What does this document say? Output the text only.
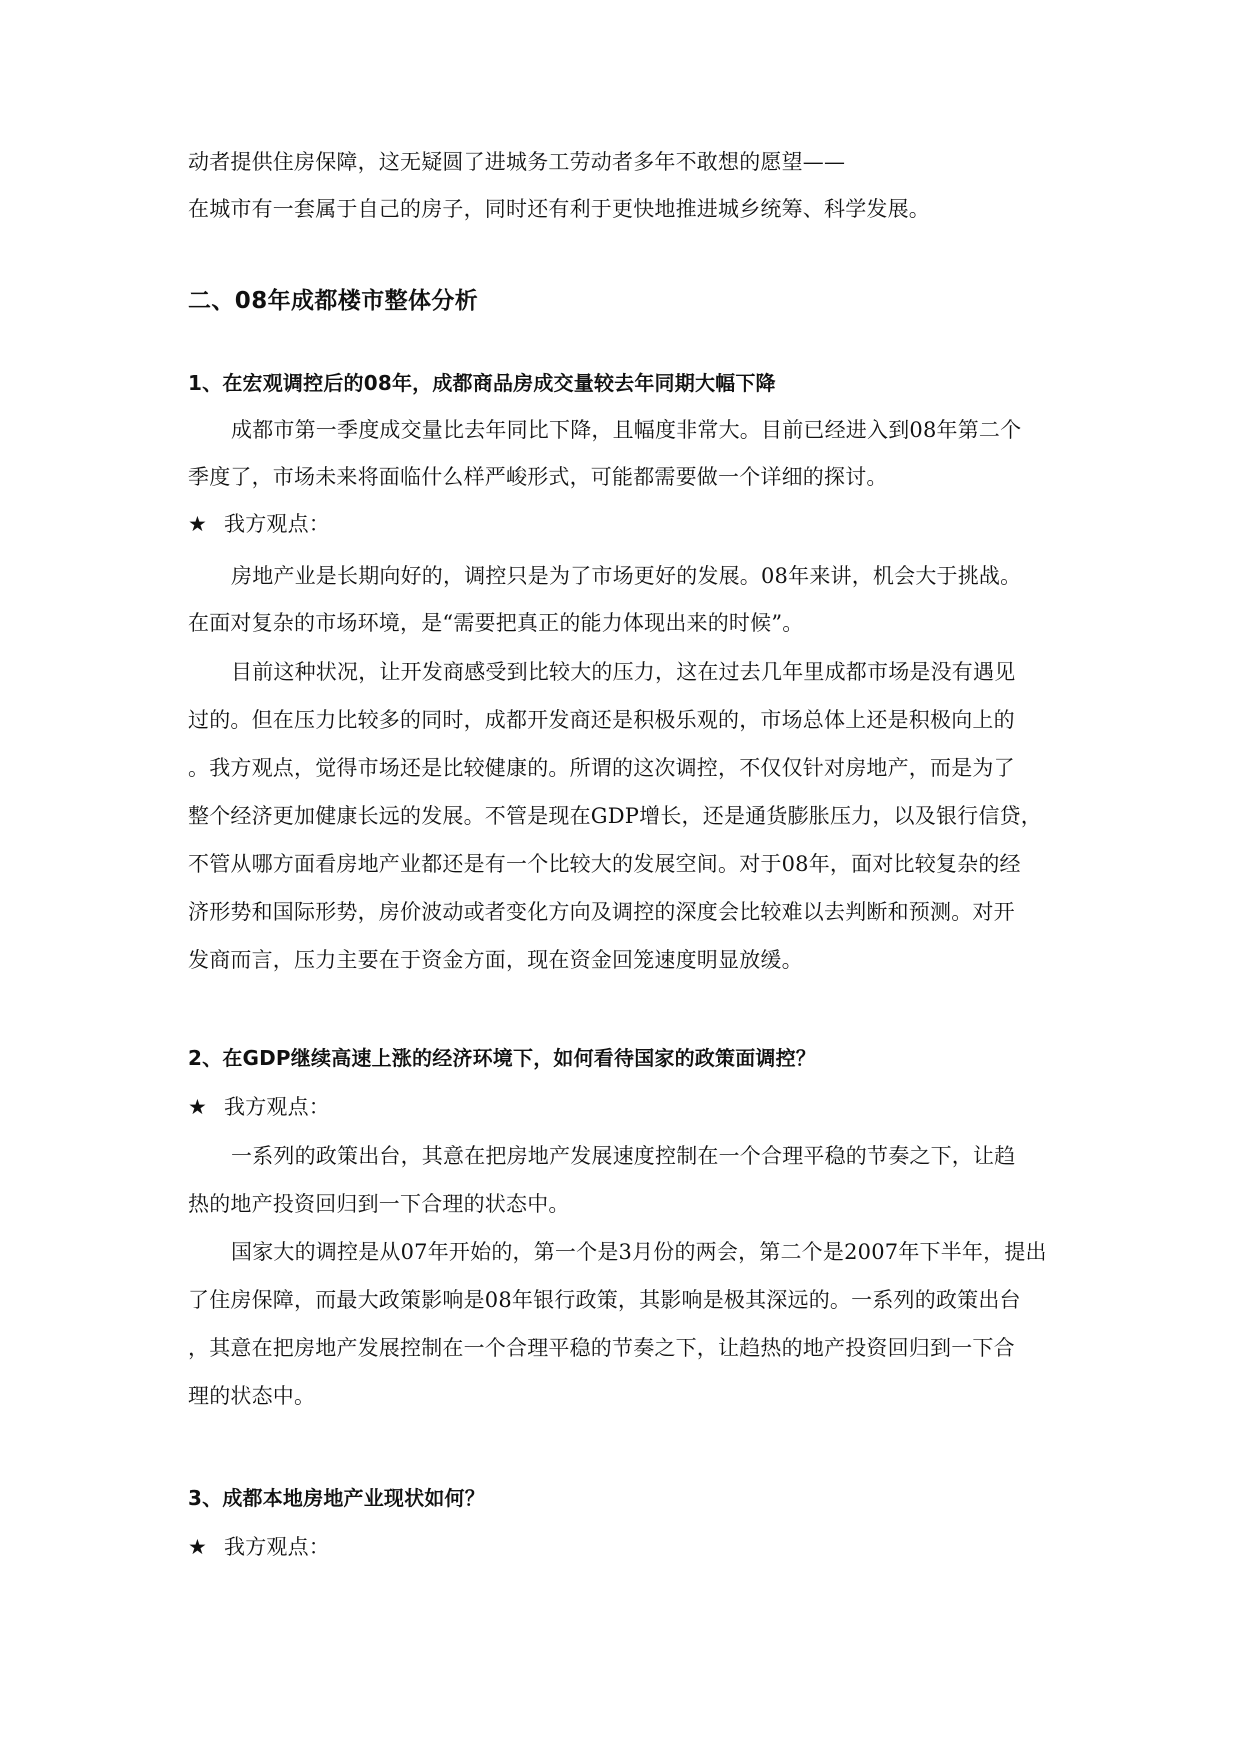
动者提供住房保障，这无疑圆了进城务工劳动者多年不敢想的愿望——
在城市有一套属于自己的房子，同时还有利于更快地推进城乡统筹、科学发展。
二、08年成都楼市整体分析
1、在宏观调控后的08年，成都商品房成交量较去年同期大幅下降
成都市第一季度成交量比去年同比下降，且幅度非常大。目前已经进入到08年第二个
季度了，市场未来将面临什么样严峻形式，可能都需要做一个详细的探讨。
★ 我方观点：
房地产业是长期向好的，调控只是为了市场更好的发展。08年来讲，机会大于挑战。
在面对复杂的市场环境，是“需要把真正的能力体现出来的时候”。
目前这种状况，让开发商感受到比较大的压力，这在过去几年里成都市场是没有遇见
过的。但在压力比较多的同时，成都开发商还是积极乐观的，市场总体上还是积极向上的
。我方观点，觉得市场还是比较健康的。所谓的这次调控，不仅仅针对房地产，而是为了
整个经济更加健康长远的发展。不管是现在GDP增长，还是通货膨胀压力，以及银行信贷，
不管从哪方面看房地产业都还是有一个比较大的发展空间。对于08年，面对比较复杂的经
济形势和国际形势，房价波动或者变化方向及调控的深度会比较难以去判断和预测。对开
发商而言，压力主要在于资金方面，现在资金回笼速度明显放缓。
2、在GDP继续高速上涨的经济环境下，如何看待国家的政策面调控？
★ 我方观点：
一系列的政策出台，其意在把房地产发展速度控制在一个合理平稳的节奏之下，让趋
热的地产投资回归到一下合理的状态中。
国家大的调控是从07年开始的，第一个是3月份的两会，第二个是2007年下半年，提出
了住房保障，而最大政策影响是08年银行政策，其影响是极其深远的。一系列的政策出台
，其意在把房地产发展控制在一个合理平稳的节奏之下，让趋热的地产投资回归到一下合
理的状态中。
3、成都本地房地产业现状如何？
★ 我方观点：
